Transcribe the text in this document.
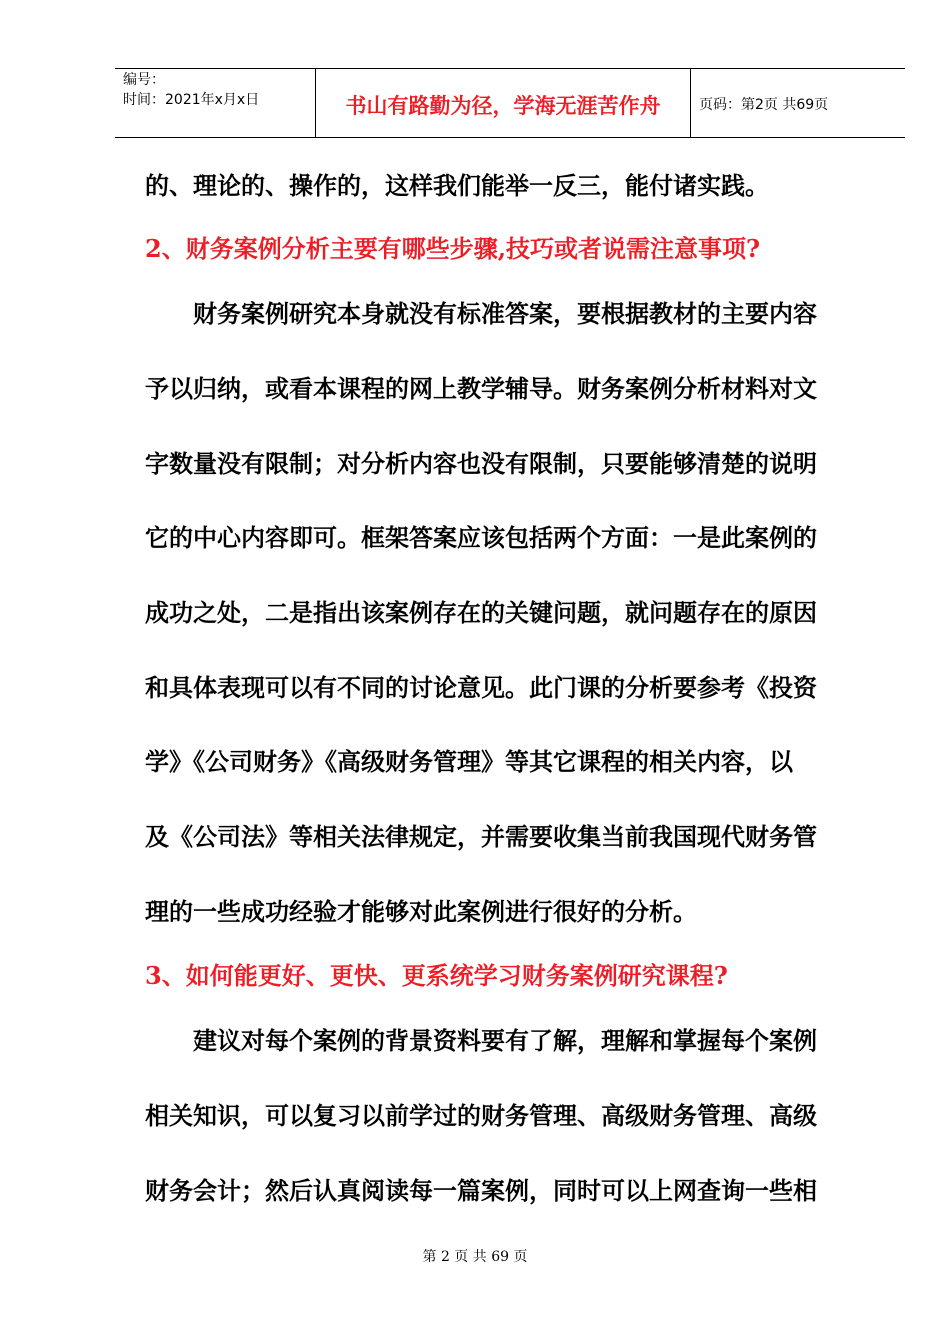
编号：
时间：2021年x月x日	书山有路勤为径，学海无涯苦作舟	页码：第2页 共69页
的、理论的、操作的，这样我们能举一反三，能付诸实践。
2、财务案例分析主要有哪些步骤,技巧或者说需注意事项?
财务案例研究本身就没有标准答案，要根据教材的主要内容
予以归纳，或看本课程的网上教学辅导。财务案例分析材料对文
字数量没有限制；对分析内容也没有限制，只要能够清楚的说明
它的中心内容即可。框架答案应该包括两个方面：一是此案例的
成功之处，二是指出该案例存在的关键问题，就问题存在的原因
和具体表现可以有不同的讨论意见。此门课的分析要参考《投资
学》《公司财务》《高级财务管理》等其它课程的相关内容，以
及《公司法》等相关法律规定，并需要收集当前我国现代财务管
理的一些成功经验才能够对此案例进行很好的分析。
3、如何能更好、更快、更系统学习财务案例研究课程?
建议对每个案例的背景资料要有了解，理解和掌握每个案例
相关知识，可以复习以前学过的财务管理、高级财务管理、高级
财务会计；然后认真阅读每一篇案例，同时可以上网查询一些相
第 2 页 共 69 页
